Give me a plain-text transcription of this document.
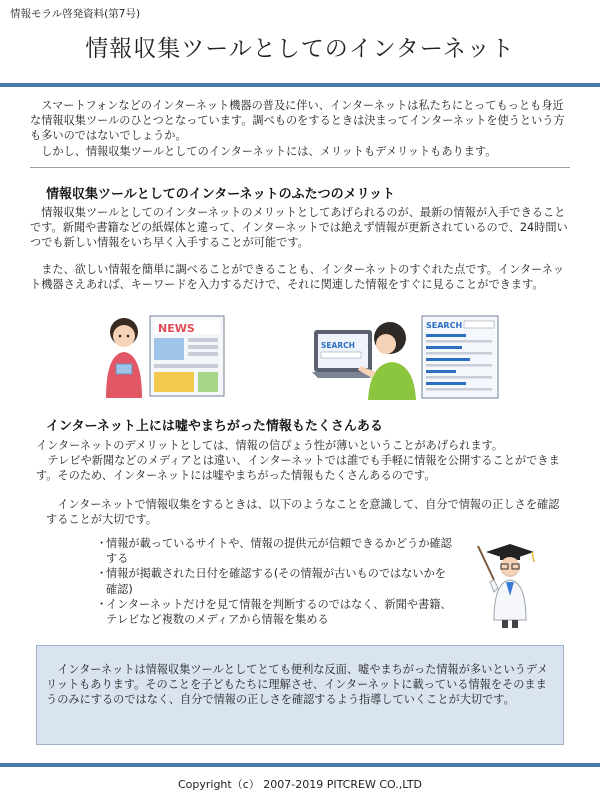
情報モラル啓発資料(第7号)
情報収集ツールとしてのインターネット

　スマートフォンなどのインターネット機器の普及に伴い、インターネットは私たちにとってもっとも身近な情報収集ツールのひとつとなっています。調べものをするときは決まってインターネットを使うという方も多いのではないでしょうか。

　しかし、情報収集ツールとしてのインターネットには、メリットもデメリットもあります。

情報収集ツールとしてのインターネットのふたつのメリット
　情報収集ツールとしてのインターネットのメリットとしてあげられるのが、最新の情報が入手できることです。新聞や書籍などの紙媒体と違って、インターネットでは絶えず情報が更新されているので、24時間いつでも新しい情報をいち早く入手することが可能です。
　また、欲しい情報を簡単に調べることができることも、インターネットのすぐれた点です。インターネット機器さえあれば、キーワードを入力するだけで、それに関連した情報をすぐに見ることができます。
NEWS
SEARCH
SEARCH
インターネット上には嘘やまちがった情報もたくさんある

インターネットのデメリットとしては、情報の信ぴょう性が薄いということがあげられます。

　テレビや新聞などのメディアとは違い、インターネットでは誰でも手軽に情報を公開することができます。そのため、インターネットには嘘やまちがった情報もたくさんあるのです。

　インターネットで情報収集をするときは、以下のようなことを意識して、自分で情報の正しさを確認することが大切です。
・
情報が載っているサイトや、情報の提供元が信頼できるかどうか確認する
・
情報が掲載された日付を確認する(その情報が古いものではないかを確認)
・
インターネットだけを見て情報を判断するのではなく、新聞や書籍、テレビなど複数のメディアから情報を集める
　インターネットは情報収集ツールとしてとても便利な反面、嘘やまちがった情報が多いというデメリットもあります。そのことを子どもたちに理解させ、インターネットに載っている情報をそのままうのみにするのではなく、自分で情報の正しさを確認するよう指導していくことが大切です。
Copyright（c） 2007-2019 PITCREW CO.,LTD
